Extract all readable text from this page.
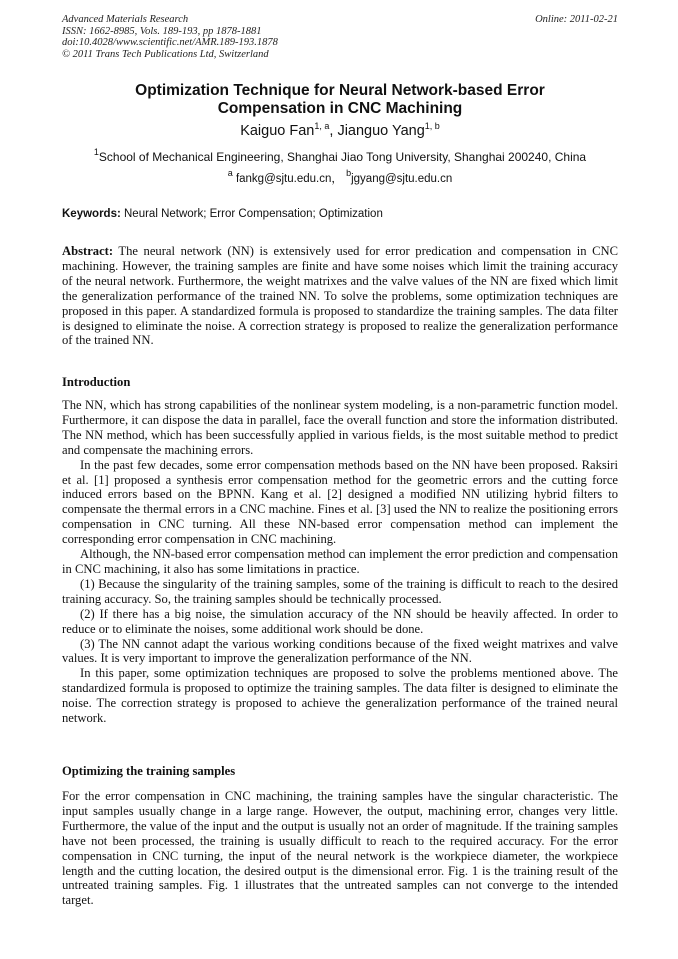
Advanced Materials Research
ISSN: 1662-8985, Vols. 189-193, pp 1878-1881
doi:10.4028/www.scientific.net/AMR.189-193.1878
© 2011 Trans Tech Publications Ltd, Switzerland
Online: 2011-02-21
Optimization Technique for Neural Network-based Error
Compensation in CNC Machining
Kaiguo Fan$^{1, a}$, Jianguo Yang$^{1, b}$
$^1$School of Mechanical Engineering, Shanghai Jiao Tong University, Shanghai 200240, China
$^a$ fankg@sjtu.edu.cn， $^b$jgyang@sjtu.edu.cn
Keywords: Neural Network; Error Compensation; Optimization

Abstract: The neural network (NN) is extensively used for error predication and compensation in CNC machining. However, the training samples are finite and have some noises which limit the training accuracy of the neural network. Furthermore, the weight matrixes and the valve values of the NN are fixed which limit the generalization performance of the trained NN. To solve the problems, some optimization techniques are proposed in this paper. A standardized formula is proposed to standardize the training samples. The data filter is designed to eliminate the noise. A correction strategy is proposed to realize the generalization performance of the trained NN.

Introduction

The NN, which has strong capabilities of the nonlinear system modeling, is a non-parametric function model. Furthermore, it can dispose the data in parallel, face the overall function and store the information distributed. The NN method, which has been successfully applied in various fields, is the most suitable method to predict and compensate the machining errors.

In the past few decades, some error compensation methods based on the NN have been proposed. Raksiri et al. [1] proposed a synthesis error compensation method for the geometric errors and the cutting force induced errors based on the BPNN. Kang et al. [2] designed a modified NN utilizing hybrid filters to compensate the thermal errors in a CNC machine. Fines et al. [3] used the NN to realize the positioning errors compensation in CNC turning. All these NN-based error compensation method can implement the corresponding error compensation in CNC machining.

Although, the NN-based error compensation method can implement the error prediction and compensation in CNC machining, it also has some limitations in practice.

(1) Because the singularity of the training samples, some of the training is difficult to reach to the desired training accuracy. So, the training samples should be technically processed.

(2) If there has a big noise, the simulation accuracy of the NN should be heavily affected. In order to reduce or to eliminate the noises, some additional work should be done.

(3) The NN cannot adapt the various working conditions because of the fixed weight matrixes and valve values. It is very important to improve the generalization performance of the NN.

In this paper, some optimization techniques are proposed to solve the problems mentioned above. The standardized formula is proposed to optimize the training samples. The data filter is designed to eliminate the noise. The correction strategy is proposed to achieve the generalization performance of the trained neural network.

Optimizing the training samples

For the error compensation in CNC machining, the training samples have the singular characteristic. The input samples usually change in a large range. However, the output, machining error, changes very little. Furthermore, the value of the input and the output is usually not an order of magnitude. If the training samples have not been processed, the training is usually difficult to reach to the required accuracy. For the error compensation in CNC turning, the input of the neural network is the workpiece diameter, the workpiece length and the cutting location, the desired output is the dimensional error. Fig. 1 is the training result of the untreated training samples. Fig. 1 illustrates that the untreated samples can not converge to the intended target.
